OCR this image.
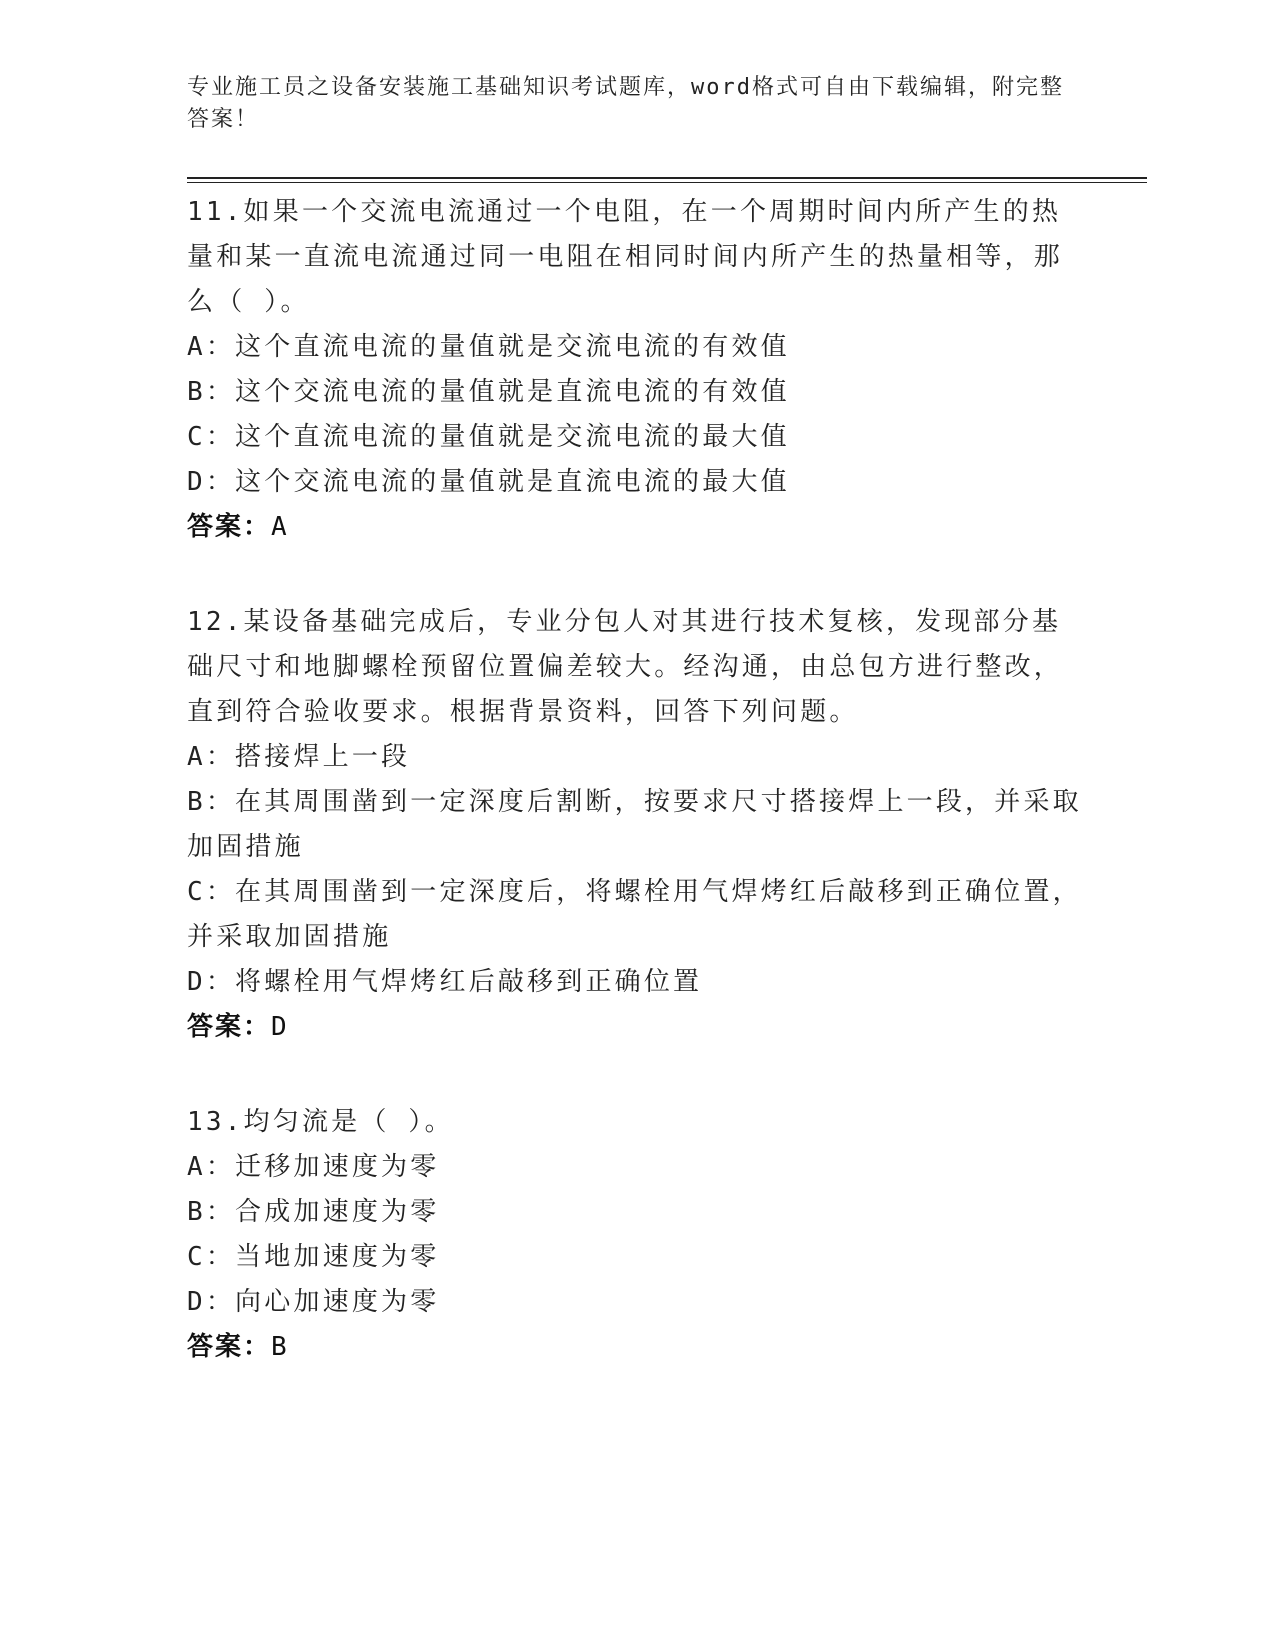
专业施工员之设备安装施工基础知识考试题库，word格式可自由下载编辑，附完整答案！

11.如果一个交流电流通过一个电阻，在一个周期时间内所产生的热量和某一直流电流通过同一电阻在相同时间内所产生的热量相等，那么（ ）。

A：这个直流电流的量值就是交流电流的有效值

B：这个交流电流的量值就是直流电流的有效值

C：这个直流电流的量值就是交流电流的最大值

D：这个交流电流的量值就是直流电流的最大值

答案：A

12.某设备基础完成后，专业分包人对其进行技术复核，发现部分基础尺寸和地脚螺栓预留位置偏差较大。经沟通，由总包方进行整改，直到符合验收要求。根据背景资料，回答下列问题。

A：搭接焊上一段

B：在其周围凿到一定深度后割断，按要求尺寸搭接焊上一段，并采取加固措施

C：在其周围凿到一定深度后，将螺栓用气焊烤红后敲移到正确位置，并采取加固措施

D：将螺栓用气焊烤红后敲移到正确位置

答案：D

13.均匀流是（ ）。

A：迁移加速度为零

B：合成加速度为零

C：当地加速度为零

D：向心加速度为零

答案：B
